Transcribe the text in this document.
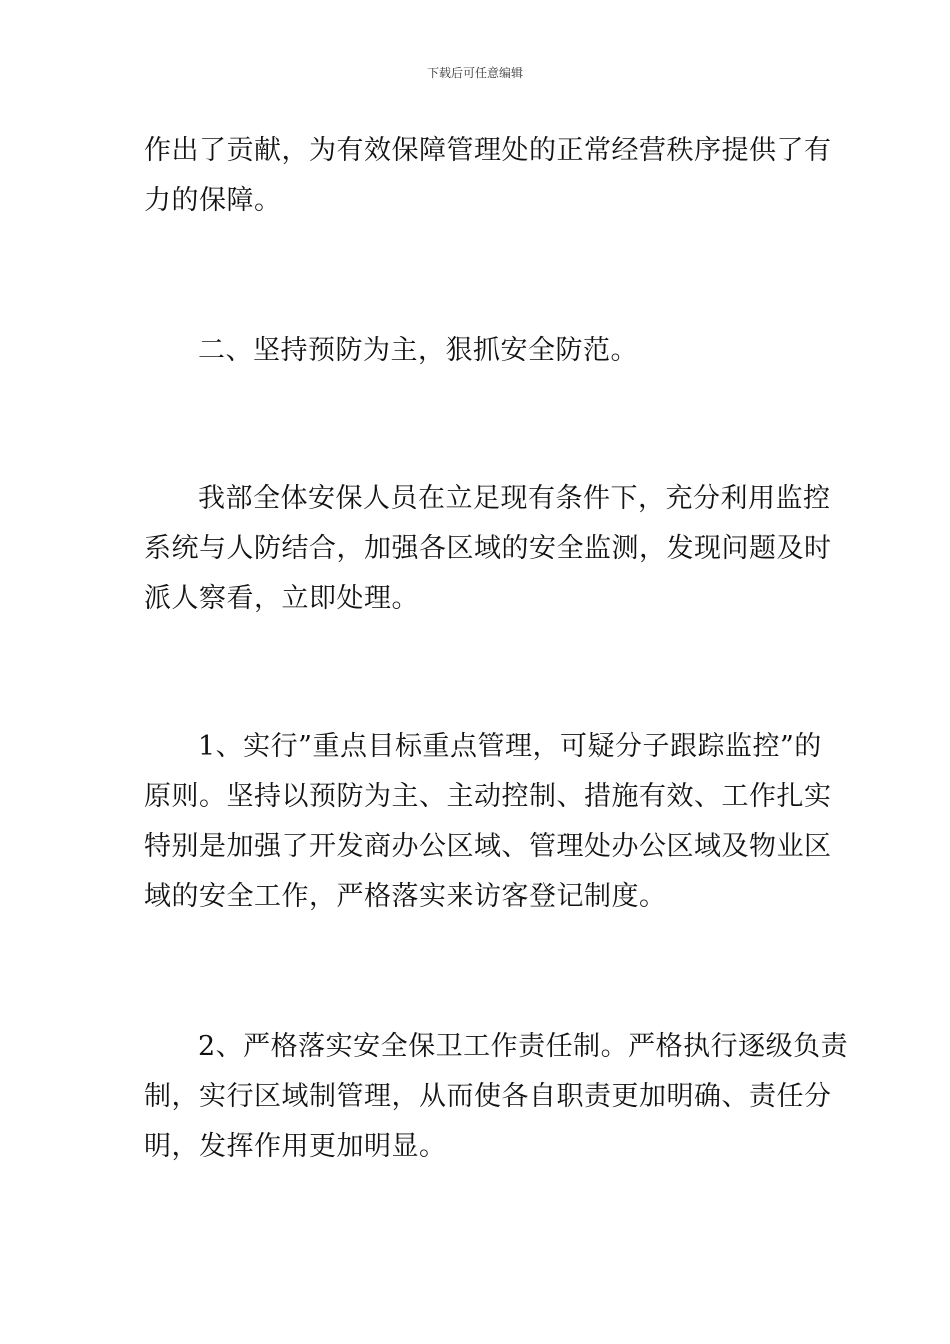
下载后可任意编辑
作出了贡献，为有效保障管理处的正常经营秩序提供了有
力的保障。
二、坚持预防为主，狠抓安全防范。
我部全体安保人员在立足现有条件下，充分利用监控
系统与人防结合，加强各区域的安全监测，发现问题及时
派人察看，立即处理。
1、实行”重点目标重点管理，可疑分子跟踪监控”的
原则。坚持以预防为主、主动控制、措施有效、工作扎实
特别是加强了开发商办公区域、管理处办公区域及物业区
域的安全工作，严格落实来访客登记制度。
2、严格落实安全保卫工作责任制。严格执行逐级负责
制，实行区域制管理，从而使各自职责更加明确、责任分
明，发挥作用更加明显。
